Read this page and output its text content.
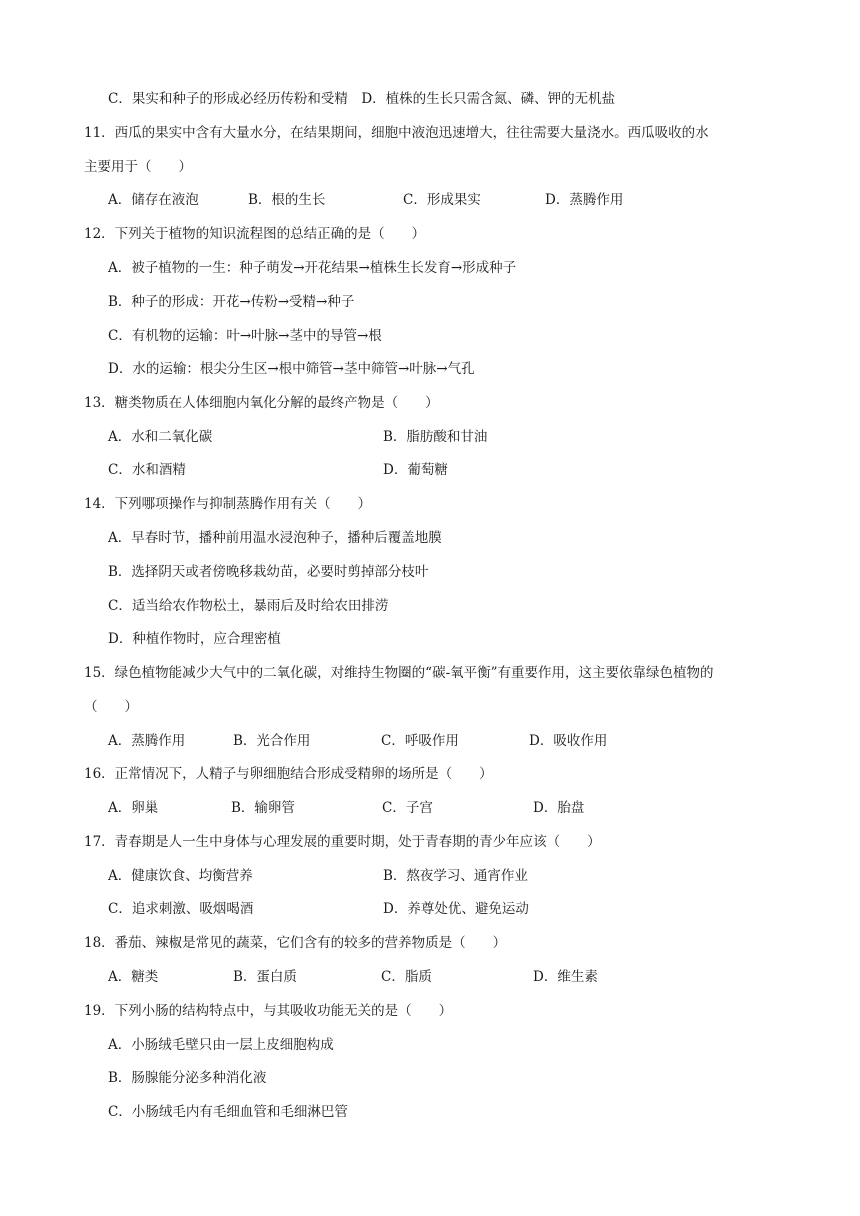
C．果实和种子的形成必经历传粉和受精　D．植株的生长只需含氮、磷、钾的无机盐
11．西瓜的果实中含有大量水分，在结果期间，细胞中液泡迅速增大，往往需要大量浇水。西瓜吸收的水
主要用于（　　）
A．储存在液泡	B．根的生长	C．形成果实	D．蒸腾作用
12．下列关于植物的知识流程图的总结正确的是（　　）
A．被子植物的一生：种子萌发→开花结果→植株生长发育→形成种子
B．种子的形成：开花→传粉→受精→种子
C．有机物的运输：叶→叶脉→茎中的导管→根
D．水的运输：根尖分生区→根中筛管→茎中筛管→叶脉→气孔
13．糖类物质在人体细胞内氧化分解的最终产物是（　　）
A．水和二氧化碳	B．脂肪酸和甘油
C．水和酒精	D．葡萄糖
14．下列哪项操作与抑制蒸腾作用有关（　　）
A．早春时节，播种前用温水浸泡种子，播种后覆盖地膜
B．选择阴天或者傍晚移栽幼苗，必要时剪掉部分枝叶
C．适当给农作物松土，暴雨后及时给农田排涝
D．种植作物时，应合理密植
15．绿色植物能减少大气中的二氧化碳，对维持生物圈的“碳-氧平衡”有重要作用，这主要依靠绿色植物的
（　　）
A．蒸腾作用	B．光合作用	C．呼吸作用	D．吸收作用
16．正常情况下，人精子与卵细胞结合形成受精卵的场所是（　　）
A．卵巢	B．输卵管	C．子宫	D．胎盘
17．青春期是人一生中身体与心理发展的重要时期，处于青春期的青少年应该（　　）
A．健康饮食、均衡营养	B．熬夜学习、通宵作业
C．追求刺激、吸烟喝酒	D．养尊处优、避免运动
18．番茄、辣椒是常见的蔬菜，它们含有的较多的营养物质是（　　）
A．糖类	B．蛋白质	C．脂质	D．维生素
19．下列小肠的结构特点中，与其吸收功能无关的是（　　）
A．小肠绒毛壁只由一层上皮细胞构成
B．肠腺能分泌多种消化液
C．小肠绒毛内有毛细血管和毛细淋巴管
